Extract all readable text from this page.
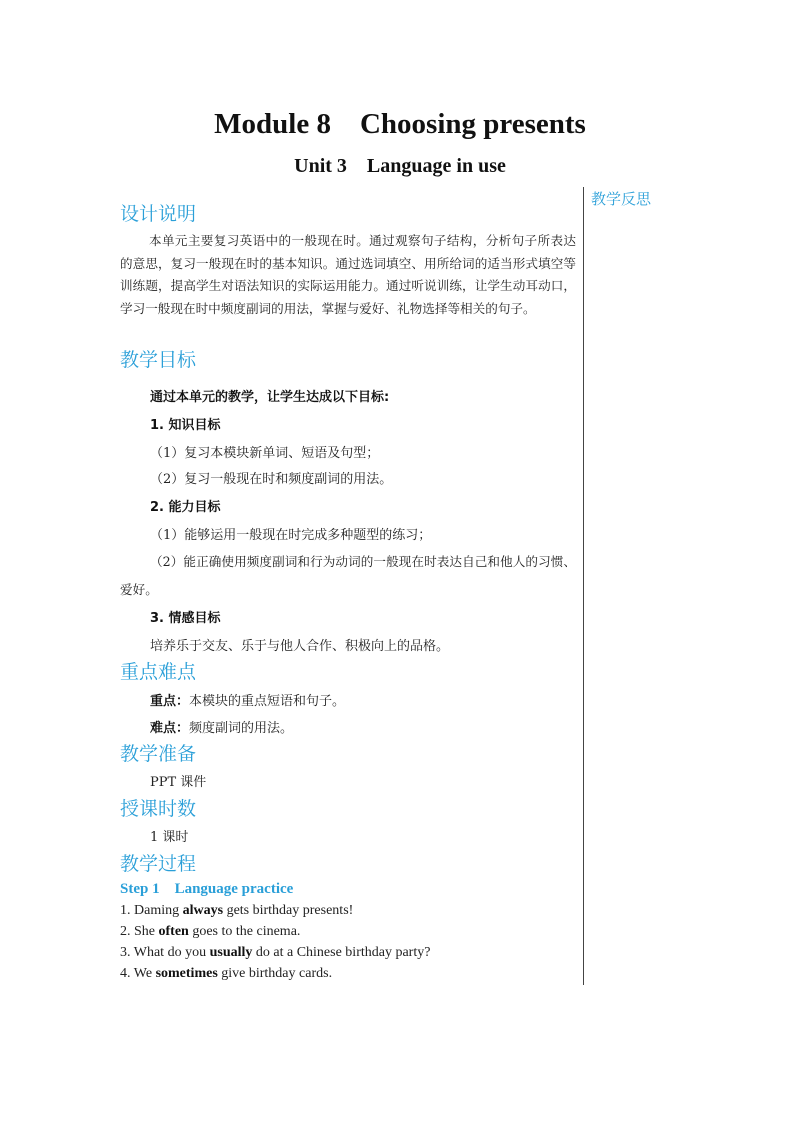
Module 8    Choosing presents
Unit 3    Language in use
教学反思
设计说明

本单元主要复习英语中的一般现在时。通过观察句子结构，分析句子所表达的意思，复习一般现在时的基本知识。通过选词填空、用所给词的适当形式填空等训练题，提高学生对语法知识的实际运用能力。通过听说训练，让学生动耳动口，学习一般现在时中频度副词的用法，掌握与爱好、礼物选择等相关的句子。

教学目标
通过本单元的教学，让学生达成以下目标:
1. 知识目标
（1）复习本模块新单词、短语及句型；
（2）复习一般现在时和频度副词的用法。
2. 能力目标
（1）能够运用一般现在时完成多种题型的练习；

（2）能正确使用频度副词和行为动词的一般现在时表达自己和他人的习惯、爱好。

3. 情感目标
培养乐于交友、乐于与他人合作、积极向上的品格。
重点难点
重点：本模块的重点短语和句子。
难点：频度副词的用法。
教学准备
PPT 课件
授课时数
1 课时
教学过程
Step 1    Language practice
1. Daming always gets birthday presents!
2. She often goes to the cinema.
3. What do you usually do at a Chinese birthday party?
4. We sometimes give birthday cards.
